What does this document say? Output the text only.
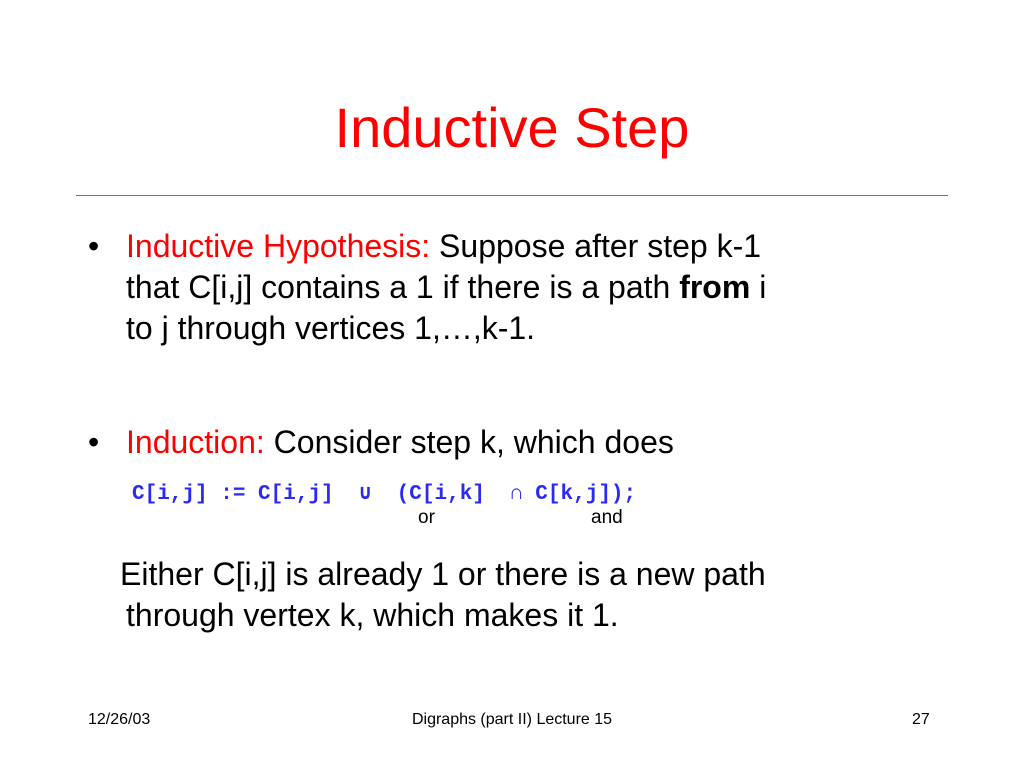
Inductive Step
• Inductive Hypothesis: Suppose after step k-1
that C[i,j] contains a 1 if there is a path from i
to j through vertices 1,…,k-1.
• Induction: Consider step k, which does
C[i,j] := C[i,j]  ∪  (C[i,k]  ∩ C[k,j]);
or	and
Either C[i,j] is already 1 or there is a new path
through vertex k, which makes it 1.
12/26/03	Digraphs (part II) Lecture 15	27
